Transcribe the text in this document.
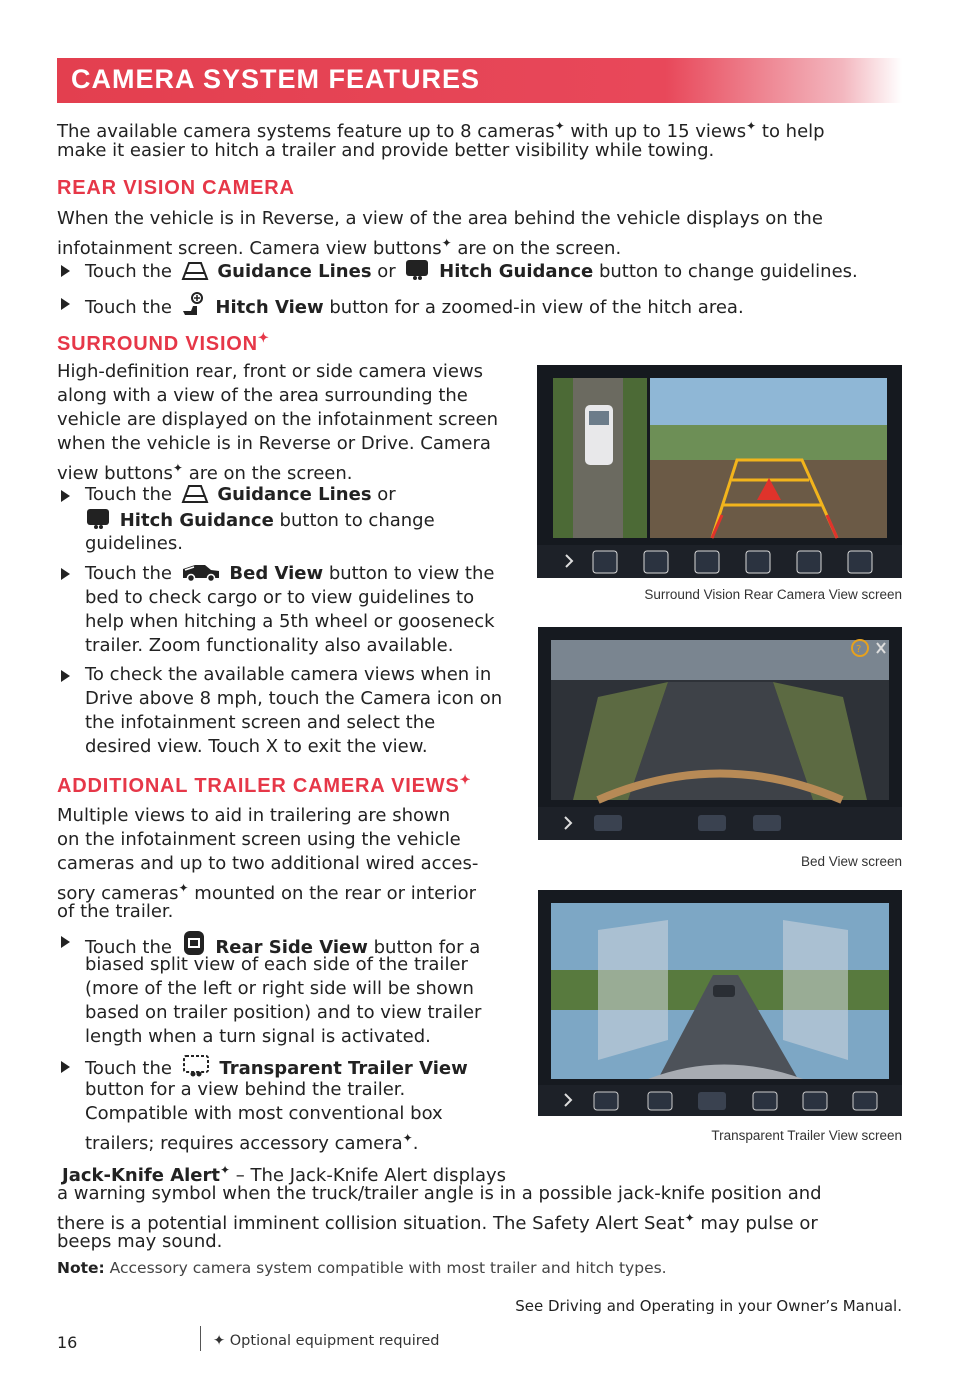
CAMERA SYSTEM FEATURES
The available camera systems feature up to 8 cameras✦ with up to 15 views✦ to help
make it easier to hitch a trailer and provide better visibility while towing.
REAR VISION CAMERA
When the vehicle is in Reverse, a view of the area behind the vehicle displays on the
infotainment screen. Camera view buttons✦ are on the screen.
Touch the	Guidance Lines or Hitch Guidance button to change guidelines.
Touch the Hitch View button for a zoomed-in view of the hitch area.
SURROUND VISION✦
High-definition rear, front or side camera views
along with a view of the area surrounding the
vehicle are displayed on the infotainment screen
when the vehicle is in Reverse or Drive. Camera
view buttons✦ are on the screen.
Touch the	Guidance Lines or
Hitch Guidance button to change
guidelines.
Touch the	Bed View button to view the
bed to check cargo or to view guidelines to
help when hitching a 5th wheel or gooseneck
trailer. Zoom functionality also available.
To check the available camera views when in
Drive above 8 mph, touch the Camera icon on
the infotainment screen and select the
desired view. Touch X to exit the view.
ADDITIONAL TRAILER CAMERA VIEWS✦
Multiple views to aid in trailering are shown
on the infotainment screen using the vehicle
cameras and up to two additional wired acces-
sory cameras✦ mounted on the rear or interior
of the trailer.
Touch the Rear Side View button for a
biased split view of each side of the trailer
(more of the left or right side will be shown
based on trailer position) and to view trailer
length when a turn signal is activated.
Touch the	Transparent Trailer View
button for a view behind the trailer.
Compatible with most conventional box
trailers; requires accessory camera✦.
Jack-Knife Alert✦ – The Jack-Knife Alert displays
a warning symbol when the truck/trailer angle is in a possible jack-knife position and
there is a potential imminent collision situation. The Safety Alert Seat✦ may pulse or
beeps may sound.
Note: Accessory camera system compatible with most trailer and hitch types.
See Driving and Operating in your Owner’s Manual.
16	✦ Optional equipment required
Surround Vision Rear Camera View screen
?
Bed View screen
Transparent Trailer View screen
